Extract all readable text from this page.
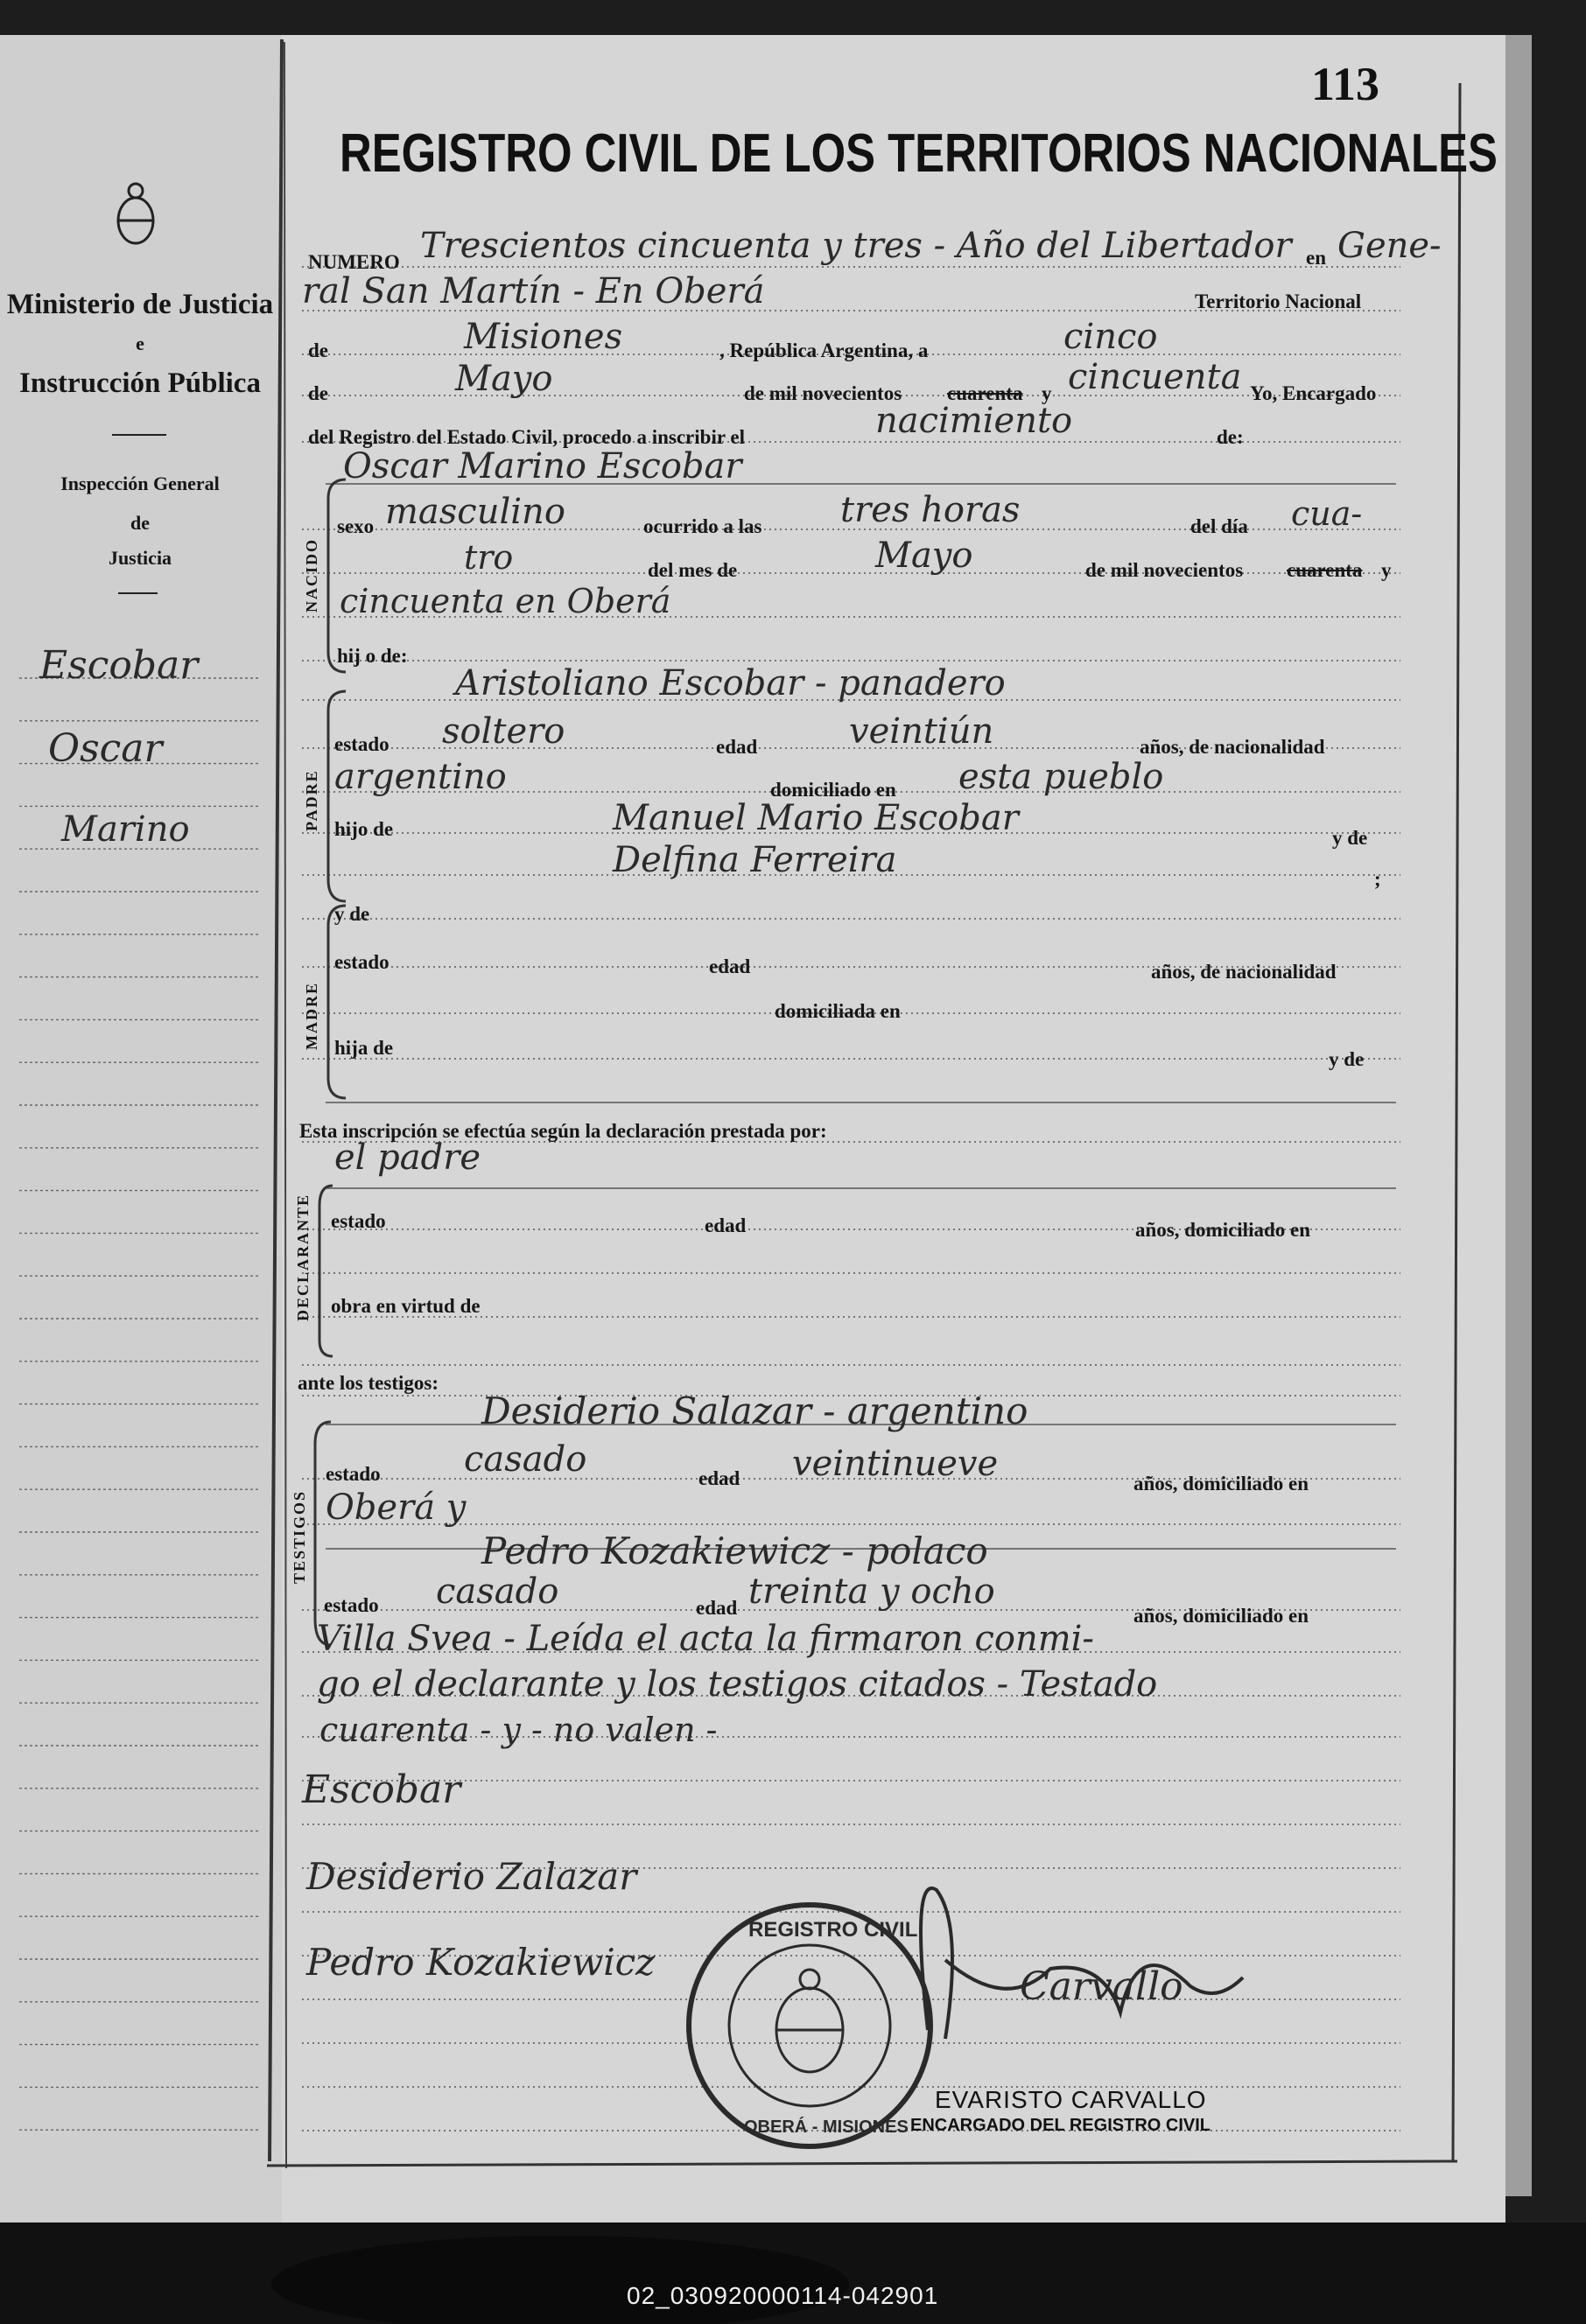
113
REGISTRO CIVIL DE LOS TERRITORIOS NACIONALES
Ministerio de Justicia
e
Instrucción Pública
Inspección General
de
Justicia
Escobar
Oscar
Marino
NUMERO Trescientos cincuenta y tres - Año del Libertador en Gene-
ral San Martín - En Oberá	Territorio Nacional
de	Misiones	, República Argentina, a	cinco
de	Mayo	de mil novecientos cuarenta y cincuenta Yo, Encargado
del Registro del Estado Civil, procedo a inscribir el	nacimiento	de:
NACIDO
Oscar Marino Escobar
sexo masculino	ocurrido a las tres horas	del día cua-
tro	del mes de	Mayo	de mil novecientos cuarenta y
cincuenta en Oberá
hij o de:
PADRE
Aristoliano Escobar - panadero
estado soltero	edad	veintiún	años, de nacionalidad
argentino	domiciliado en esta pueblo
hijo de	Manuel Mario Escobar	y de
Delfina Ferreira	;
MADRE
y de
estado	edad	años, de nacionalidad
domiciliada en
hija de
y de
Esta inscripción se efectúa según la declaración prestada por:
el padre
DECLARANTE estado	edad	años, domiciliado en
obra en virtud de
ante los testigos:
TESTIGOS
Desiderio Salazar - argentino
estado casado	edad veintinueve	años, domiciliado en
Oberá y
Pedro Kozakiewicz - polaco
estado casado	edad treinta y ocho
años, domiciliado en
Villa Svea - Leída el acta la firmaron conmi-
go el declarante y los testigos citados - Testado
cuarenta - y - no valen -
Escobar
Desiderio Zalazar
Pedro Kozakiewicz
Carvallo
REGISTRO CIVIL
OBERÁ - MISIONES
EVARISTO CARVALLO
ENCARGADO DEL REGISTRO CIVIL
02_030920000114-042901
